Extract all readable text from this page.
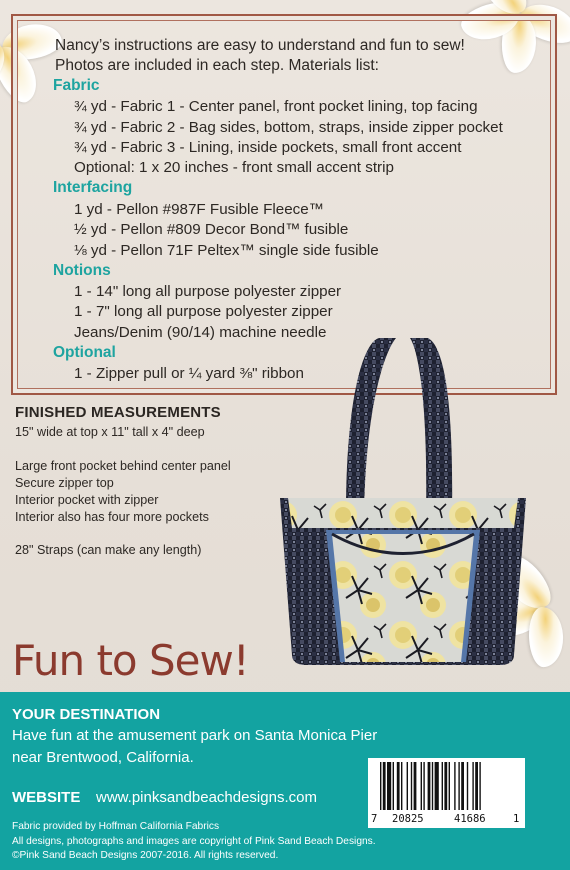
Nancy’s instructions are easy to understand and fun to sew!
Photos are included in each step. Materials list:
Fabric
¾ yd - Fabric 1 - Center panel, front pocket lining, top facing
¾ yd - Fabric 2 - Bag sides, bottom, straps, inside zipper pocket
¾ yd - Fabric 3 - Lining, inside pockets, small front accent
Optional: 1 x 20 inches - front small accent strip
Interfacing
1 yd - Pellon #987F Fusible Fleece™
½ yd - Pellon #809 Decor Bond™ fusible
⅛ yd - Pellon 71F Peltex™ single side fusible
Notions
1 - 14" long all purpose polyester zipper
1 - 7" long all purpose polyester zipper
Jeans/Denim (90/14) machine needle
Optional
1 - Zipper pull or ¼ yard ⅜" ribbon
FINISHED MEASUREMENTS
15" wide at top x 11" tall x 4" deep
Large front pocket behind center panel
Secure zipper top
Interior pocket with zipper
Interior also has four more pockets
28" Straps (can make any length)
Fun to Sew!
YOUR DESTINATION
Have fun at the amusement park on Santa Monica Pier
near Brentwood, California.
WEBSITE www.pinksandbeachdesigns.com
Fabric provided by Hoffman California Fabrics
All designs, photographs and images are copyright of Pink Sand Beach Designs.
©Pink Sand Beach Designs 2007-2016. All rights reserved.
7 20825	41686	1
